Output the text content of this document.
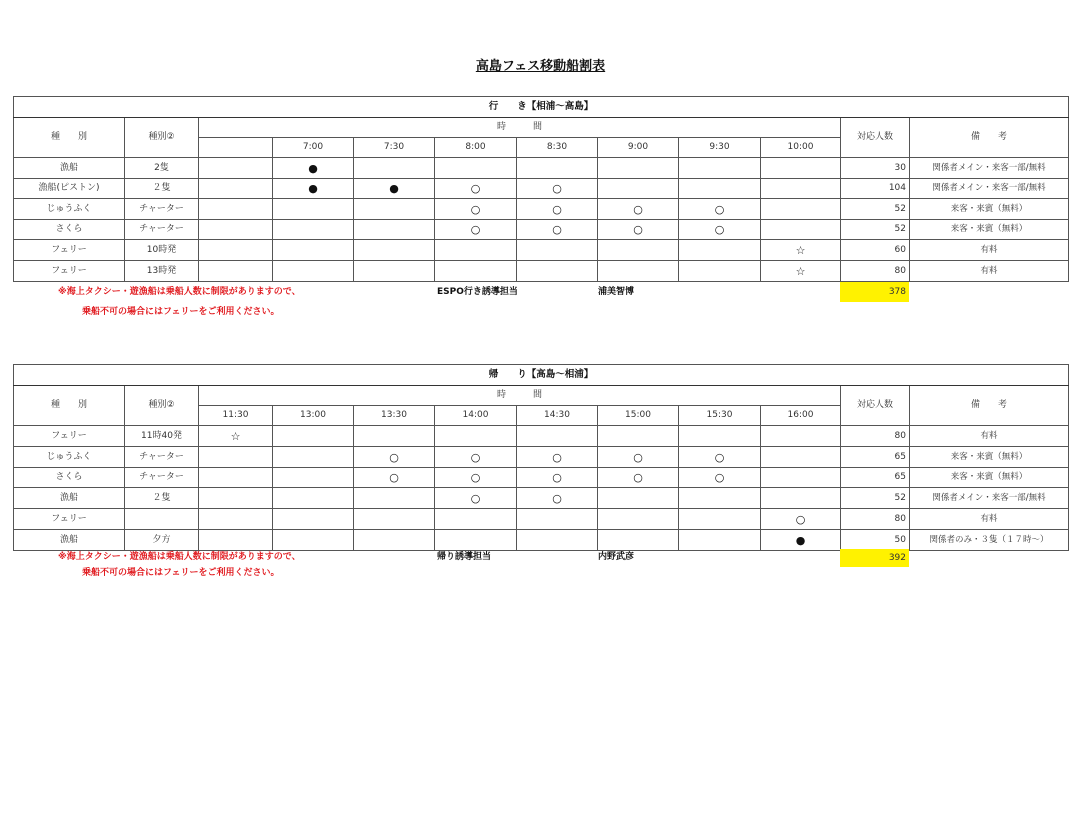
高島フェス移動船割表
行　　き【相浦～高島】											
種　　別	種別②	時　　　間								対応人数	備　　考
			7:00	7:30	8:00	8:30	9:00	9:30	10:00		
漁船	2隻		●							30	関係者メイン・来客一部/無料
漁船(ピストン)	２隻		●	●	○	○				104	関係者メイン・来客一部/無料
じゅうふく	チャーター				○	○	○	○		52	来客・来賓（無料）
さくら	チャーター				○	○	○	○		52	来客・来賓（無料）
フェリー	10時発								☆	60	有料
フェリー	13時発								☆	80	有料
※海上タクシー・遊漁船は乗船人数に制限がありますので、
乗船不可の場合にはフェリーをご利用ください。
ESPO行き誘導担当	浦美智博	378
帰　　り【高島～相浦】											
種　　別	種別②	時　　　間								対応人数	備　　考
		11:30	13:00	13:30	14:00	14:30	15:00	15:30	16:00		
フェリー	11時40発	☆								80	有料
じゅうふく	チャーター			○	○	○	○	○		65	来客・来賓（無料）
さくら	チャーター			○	○	○	○	○		65	来客・来賓（無料）
漁船	２隻				○	○				52	関係者メイン・来客一部/無料
フェリー									○	80	有料
漁船	夕方								●	50	関係者のみ・３隻（１７時～）
※海上タクシー・遊漁船は乗船人数に制限がありますので、
乗船不可の場合にはフェリーをご利用ください。
帰り誘導担当	内野武彦	392
